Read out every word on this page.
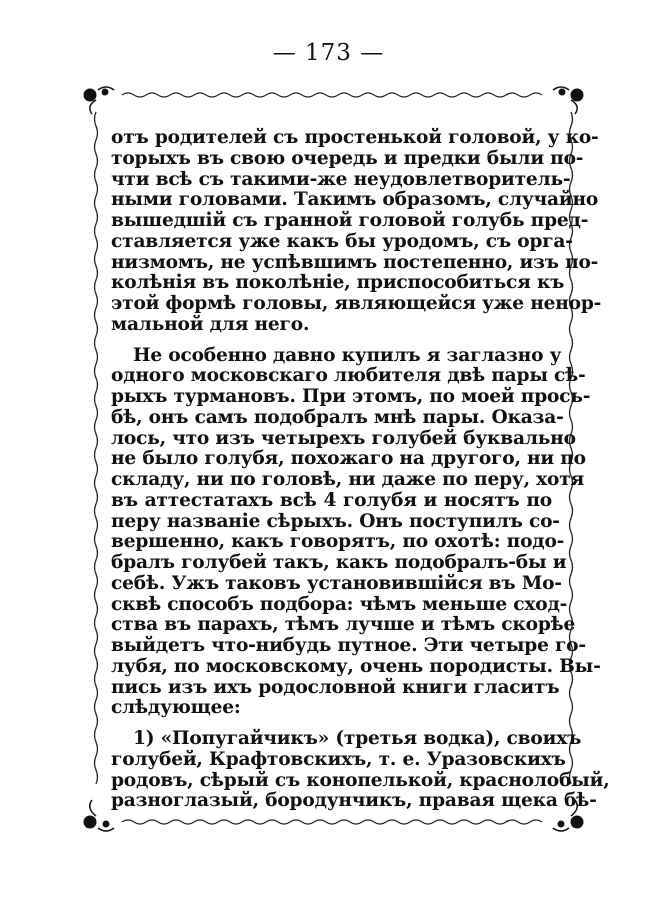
— 173 —
отъ родителей съ простенькой головой, у ко-
торыхъ въ свою очередь и предки были по-
чти всѣ съ такими-же неудовлетворитель-
ными головами. Такимъ образомъ, случайно
вышедшій съ гранной головой голубь пред-
ставляется уже какъ бы уродомъ, съ орга-
низмомъ, не успѣвшимъ постепенно, изъ по-
колѣнія въ поколѣніе, приспособиться къ
этой формѣ головы, являющейся уже ненор-
мальной для него.
Не особенно давно купилъ я заглазно у
одного московскаго любителя двѣ пары сѣ-
рыхъ турмановъ. При этомъ, по моей прось-
бѣ, онъ самъ подобралъ мнѣ пары. Оказа-
лось, что изъ четырехъ голубей буквально
не было голубя, похожаго на другого, ни по
складу, ни по головѣ, ни даже по перу, хотя
въ аттестатахъ всѣ 4 голубя и носятъ по
перу названіе сѣрыхъ. Онъ поступилъ со-
вершенно, какъ говорятъ, по охотѣ: подо-
бралъ голубей такъ, какъ подобралъ-бы и
себѣ. Ужъ таковъ установившійся въ Мо-
сквѣ способъ подбора: чѣмъ меньше сход-
ства въ парахъ, тѣмъ лучше и тѣмъ скорѣе
выйдетъ что-нибудь путное. Эти четыре го-
лубя, по московскому, очень породисты. Вы-
пись изъ ихъ родословной книги гласитъ
слѣдующее:
1) «Попугайчикъ» (третья водка), своихъ
голубей, Крафтовскихъ, т. е. Уразовскихъ
родовъ, сѣрый съ конопелькой, краснолобый,
разноглазый, бородунчикъ, правая щека бѣ-
